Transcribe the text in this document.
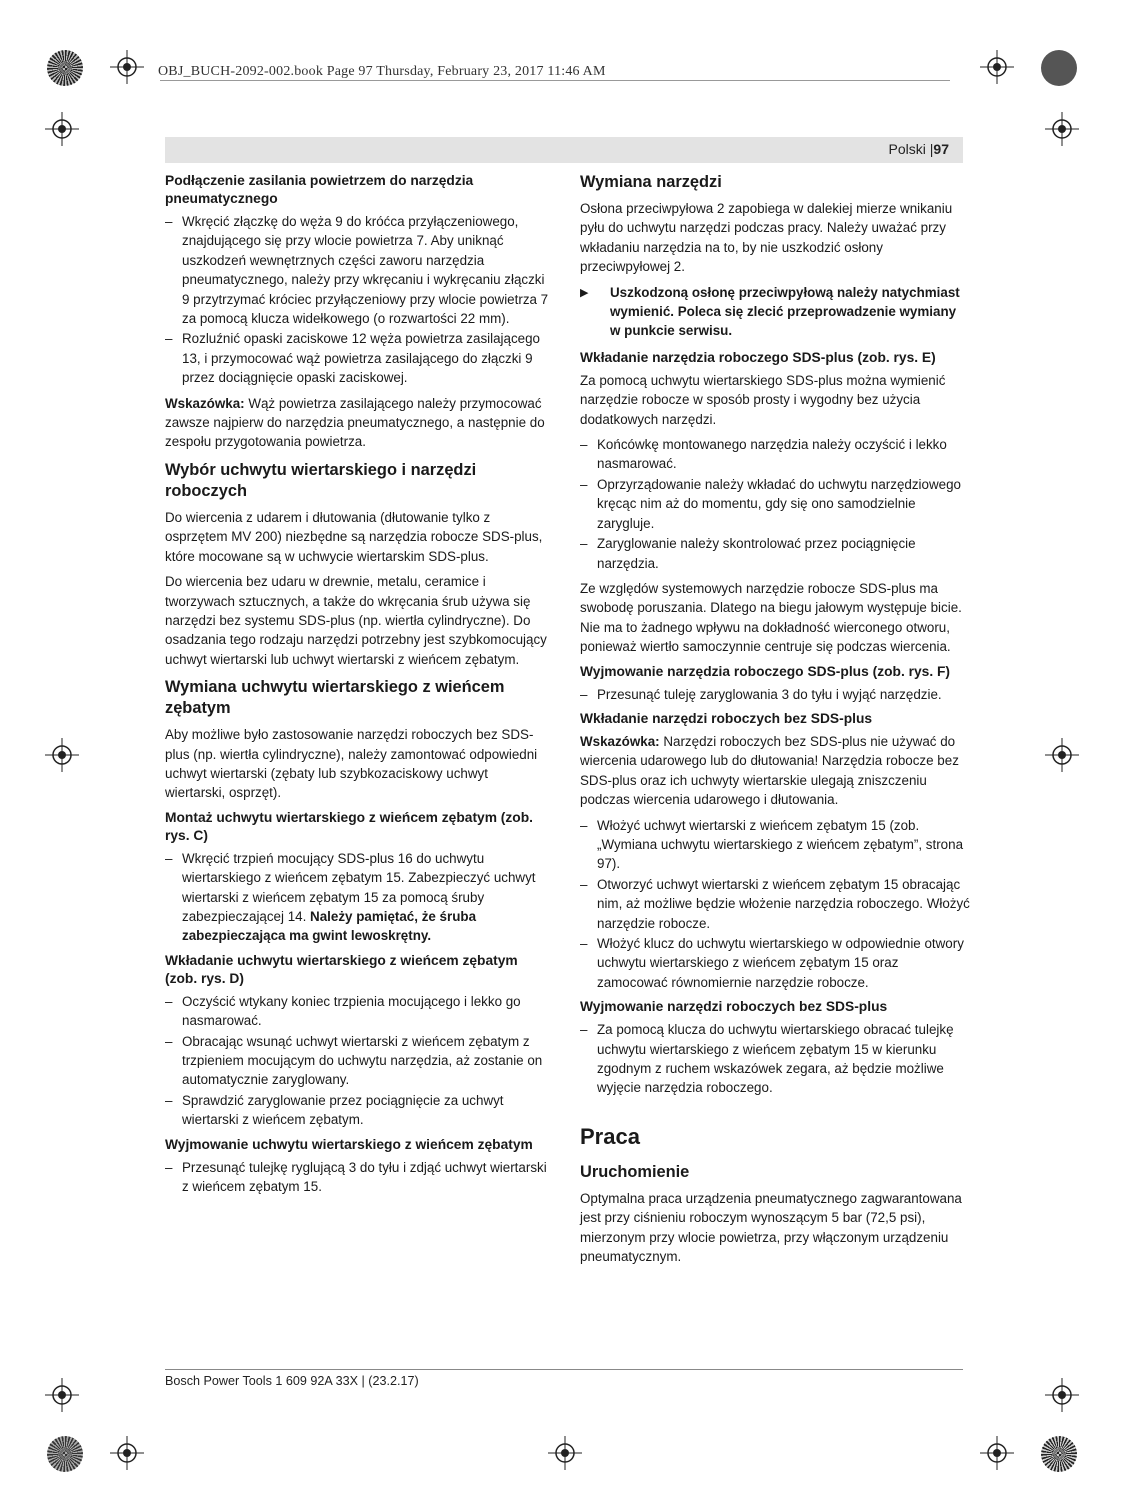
OBJ_BUCH-2092-002.book Page 97 Thursday, February 23, 2017 11:46 AM
Polski |97
Podłączenie zasilania powietrzem do narzędzia pneumatycznego
– Wkręcić złączkę do węża 9 do króćca przyłączeniowego, znajdującego się przy wlocie powietrza 7. Aby uniknąć uszkodzeń wewnętrznych części zaworu narzędzia pneumatycznego, należy przy wkręcaniu i wykręcaniu złączki 9 przytrzymać króciec przyłączeniowy przy wlocie powietrza 7 za pomocą klucza widełkowego (o rozwartości 22 mm).
– Rozluźnić opaski zaciskowe 12 węża powietrza zasilającego 13, i przymocować wąż powietrza zasilającego do złączki 9 przez dociągnięcie opaski zaciskowej.

Wskazówka: Wąż powietrza zasilającego należy przymocować zawsze najpierw do narzędzia pneumatycznego, a następnie do zespołu przygotowania powietrza.

Wybór uchwytu wiertarskiego i narzędzi roboczych

Do wiercenia z udarem i dłutowania (dłutowanie tylko z osprzętem MV 200) niezbędne są narzędzia robocze SDS-plus, które mocowane są w uchwycie wiertarskim SDS-plus.

Do wiercenia bez udaru w drewnie, metalu, ceramice i tworzywach sztucznych, a także do wkręcania śrub używa się narzędzi bez systemu SDS-plus (np. wiertła cylindryczne). Do osadzania tego rodzaju narzędzi potrzebny jest szybkomocujący uchwyt wiertarski lub uchwyt wiertarski z wieńcem zębatym.

Wymiana uchwytu wiertarskiego z wieńcem zębatym

Aby możliwe było zastosowanie narzędzi roboczych bez SDS-plus (np. wiertła cylindryczne), należy zamontować odpowiedni uchwyt wiertarski (zębaty lub szybkozaciskowy uchwyt wiertarski, osprzęt).

Montaż uchwytu wiertarskiego z wieńcem zębatym (zob. rys. C)
– Wkręcić trzpień mocujący SDS-plus 16 do uchwytu wiertarskiego z wieńcem zębatym 15. Zabezpieczyć uchwyt wiertarski z wieńcem zębatym 15 za pomocą śruby zabezpieczającej 14. Należy pamiętać, że śruba zabezpieczająca ma gwint lewoskrętny.
Wkładanie uchwytu wiertarskiego z wieńcem zębatym (zob. rys. D)
– Oczyścić wtykany koniec trzpienia mocującego i lekko go nasmarować.
– Obracając wsunąć uchwyt wiertarski z wieńcem zębatym z trzpieniem mocującym do uchwytu narzędzia, aż zostanie on automatycznie zaryglowany.
– Sprawdzić zaryglowanie przez pociągnięcie za uchwyt wiertarski z wieńcem zębatym.
Wyjmowanie uchwytu wiertarskiego z wieńcem zębatym
– Przesunąć tulejkę ryglującą 3 do tyłu i zdjąć uchwyt wiertarski z wieńcem zębatym 15.
Wymiana narzędzi

Osłona przeciwpyłowa 2 zapobiega w dalekiej mierze wnikaniu pyłu do uchwytu narzędzi podczas pracy. Należy uważać przy wkładaniu narzędzia na to, by nie uszkodzić osłony przeciwpyłowej 2.

▶ Uszkodzoną osłonę przeciwpyłową należy natychmiast wymienić. Poleca się zlecić przeprowadzenie wymiany w punkcie serwisu.
Wkładanie narzędzia roboczego SDS-plus (zob. rys. E)

Za pomocą uchwytu wiertarskiego SDS-plus można wymienić narzędzie robocze w sposób prosty i wygodny bez użycia dodatkowych narzędzi.

– Końcówkę montowanego narzędzia należy oczyścić i lekko nasmarować.
– Oprzyrządowanie należy wkładać do uchwytu narzędziowego kręcąc nim aż do momentu, gdy się ono samodzielnie zarygluje.
– Zaryglowanie należy skontrolować przez pociągnięcie narzędzia.

Ze względów systemowych narzędzie robocze SDS-plus ma swobodę poruszania. Dlatego na biegu jałowym występuje bicie. Nie ma to żadnego wpływu na dokładność wierconego otworu, ponieważ wiertło samoczynnie centruje się podczas wiercenia.

Wyjmowanie narzędzia roboczego SDS-plus (zob. rys. F)
– Przesunąć tuleję zaryglowania 3 do tyłu i wyjąć narzędzie.
Wkładanie narzędzi roboczych bez SDS-plus

Wskazówka: Narzędzi roboczych bez SDS-plus nie używać do wiercenia udarowego lub do dłutowania! Narzędzia robocze bez SDS-plus oraz ich uchwyty wiertarskie ulegają zniszczeniu podczas wiercenia udarowego i dłutowania.

– Włożyć uchwyt wiertarski z wieńcem zębatym 15 (zob. „Wymiana uchwytu wiertarskiego z wieńcem zębatym”, strona 97).
– Otworzyć uchwyt wiertarski z wieńcem zębatym 15 obracając nim, aż możliwe będzie włożenie narzędzia roboczego. Włożyć narzędzie robocze.
– Włożyć klucz do uchwytu wiertarskiego w odpowiednie otwory uchwytu wiertarskiego z wieńcem zębatym 15 oraz zamocować równomiernie narzędzie robocze.
Wyjmowanie narzędzi roboczych bez SDS-plus
– Za pomocą klucza do uchwytu wiertarskiego obracać tulejkę uchwytu wiertarskiego z wieńcem zębatym 15 w kierunku zgodnym z ruchem wskazówek zegara, aż będzie możliwe wyjęcie narzędzia roboczego.
Praca
Uruchomienie

Optymalna praca urządzenia pneumatycznego zagwarantowana jest przy ciśnieniu roboczym wynoszącym 5 bar (72,5 psi), mierzonym przy wlocie powietrza, przy włączonym urządzeniu pneumatycznym.

Bosch Power Tools 1 609 92A 33X | (23.2.17)
